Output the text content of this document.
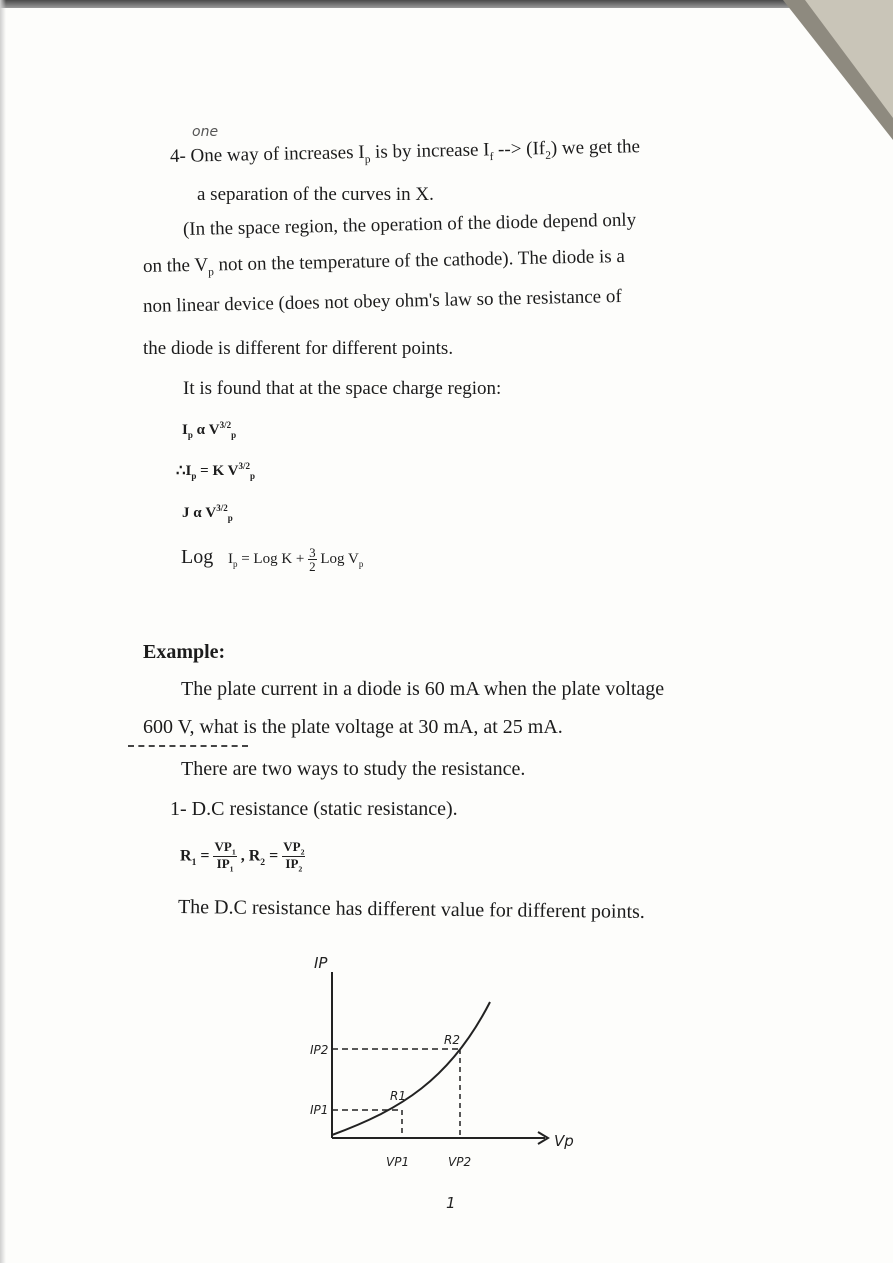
one
4- One way of increases $I_p$ is by increase $I_f$ --> $(If_2)$ we get the
a separation of the curves in X.
(In the space region, the operation of the diode depend only
on the $V_p$ not on the temperature of the cathode). The diode is a
non linear device (does not obey ohm's law so the resistance of
the diode is different for different points.
It is found that at the space charge region:
$I_p$ α $V^{3/2}_p$
$\therefore I_p = K$ $V^{3/2}_p$
J α $V^{3/2}_p$
Log $I_p$ = Log $K + \frac{3}{2}$ Log $V_p$
Example:
The plate current in a diode is 60 mA when the plate voltage
600 V, what is the plate voltage at 30 mA, at 25 mA.
There are two ways to study the resistance.
1- D.C resistance (static resistance).
$R_1 = \frac{VP_1}{IP_1}$ , $R_2 = \frac{VP_2}{IP_2}$
The D.C resistance has different value for different points.
IP
Vp
IP2
IP1
VP1	VP2
R1
R2
1
